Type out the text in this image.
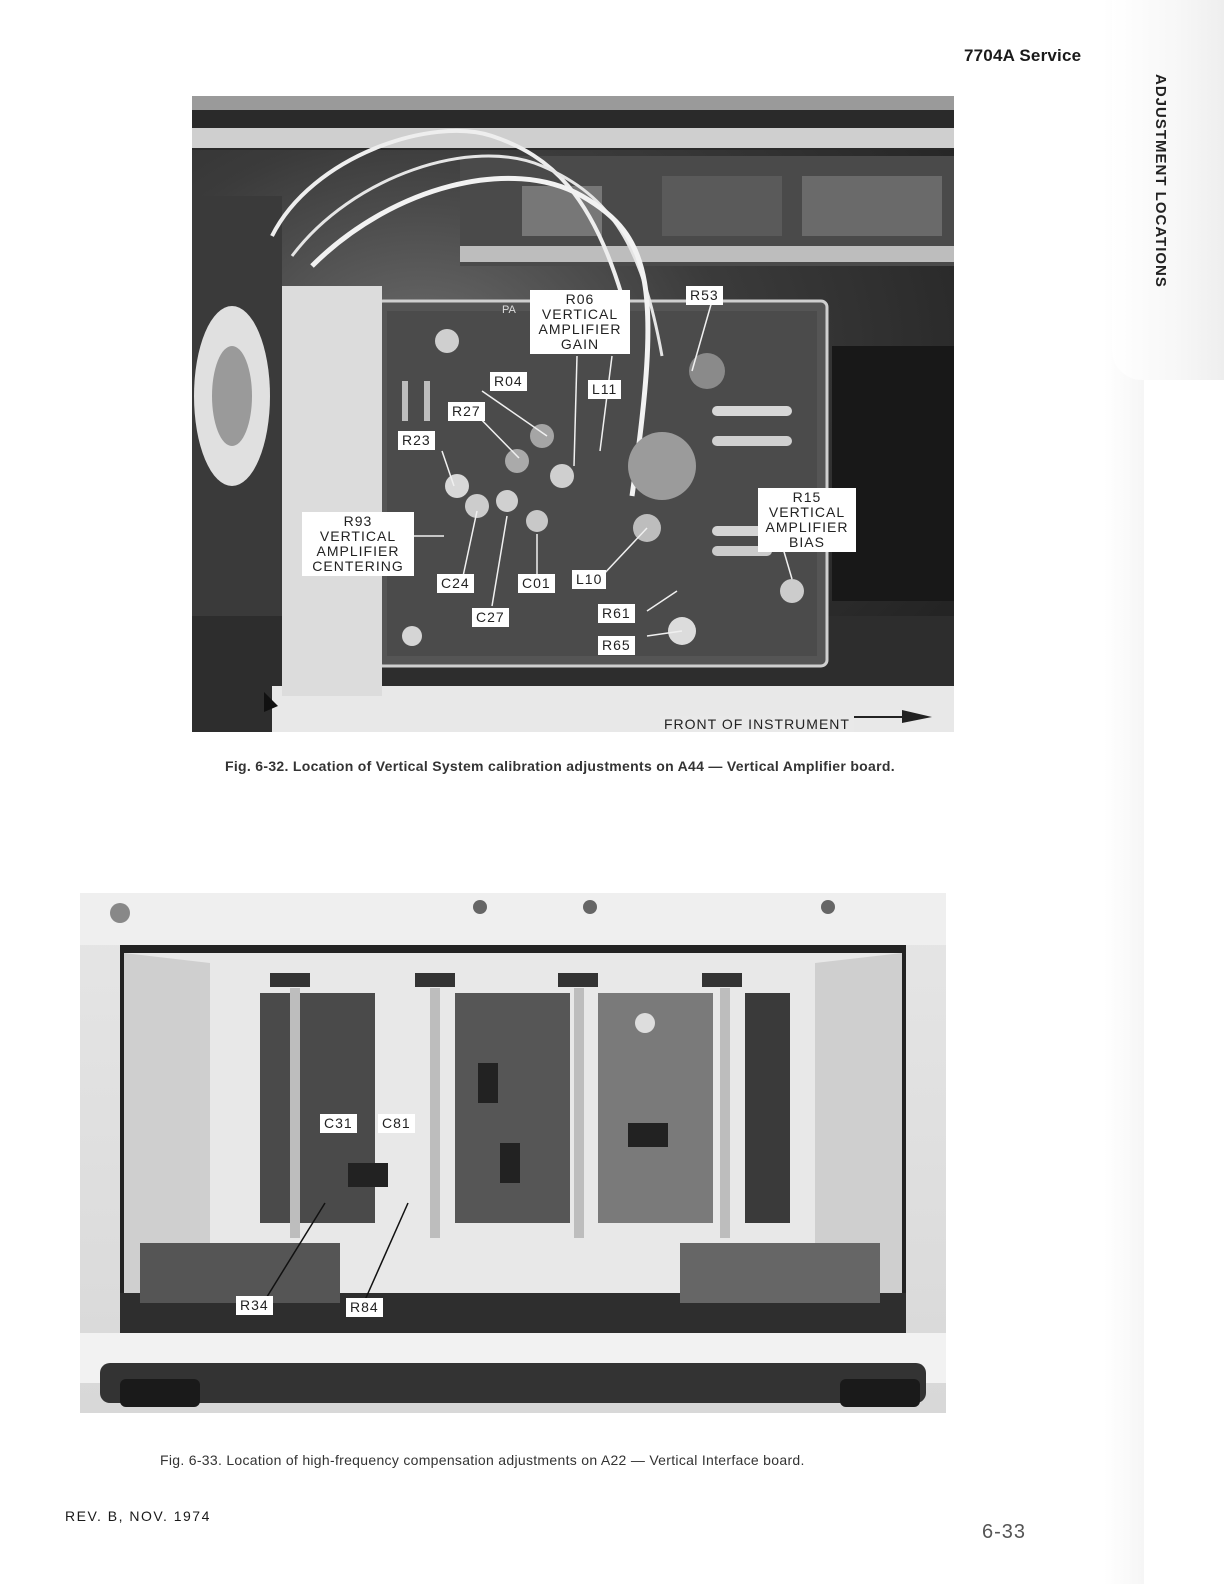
ADJUSTMENT LOCATIONS
7704A Service
R06
VERTICAL
AMPLIFIER
GAIN
R53
R04	L11
R27
R23
R15
VERTICAL
AMPLIFIER
BIAS
R93
VERTICAL
AMPLIFIER
CENTERING
C24	C01 L10
C27	R61
R65
PA
FRONT OF INSTRUMENT
Fig. 6-32. Location of Vertical System calibration adjustments on A44 — Vertical Amplifier board.
C31 C81
R34	R84
Fig. 6-33. Location of high-frequency compensation adjustments on A22 — Vertical Interface board.
REV. B, NOV. 1974
6-33
